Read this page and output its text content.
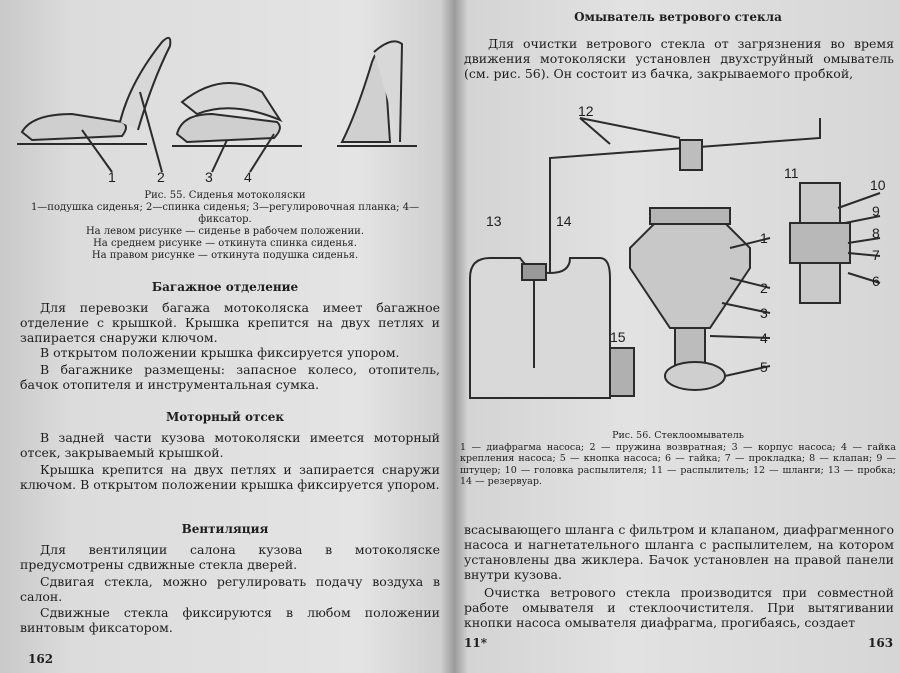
1	2	3 4
Рис. 55. Сиденья мотоколяски
1—подушка сиденья; 2—спинка сиденья; 3—регулировочная планка; 4—фиксатор.
На левом рисунке — сиденье в рабочем положении.
На среднем рисунке — откинута спинка сиденья.
На правом рисунке — откинута подушка сиденья.
Багажное отделение
Для перевозки багажа мотоколяска имеет багажное отделение с крышкой. Крышка крепится на двух петлях и запирается снаружи ключом.
В открытом положении крышка фиксируется упором.
В багажнике размещены: запасное колесо, отопитель, бачок отопителя и инструментальная сумка.
Моторный отсек
В задней части кузова мотоколяски имеется моторный отсек, закрываемый крышкой.
Крышка крепится на двух петлях и запирается снаружи ключом. В открытом положении крышка фиксируется упором.
Вентиляция
Для вентиляции салона кузова в мотоколяске предусмотрены сдвижные стекла дверей.
Сдвигая стекла, можно регулировать подачу воздуха в салон.
Сдвижные стекла фиксируются в любом положении винтовым фиксатором.
162
Омыватель ветрового стекла
Для очистки ветрового стекла от загрязнения во время движения мотоколяски установлен двухструйный омыватель (см. рис. 56). Он состоит из бачка, закрываемого пробкой,
12
11
10
9
8
7
6
13	14
1
2
3
4
5
15
Рис. 56. Стеклоомыватель
1 — диафрагма насоса; 2 — пружина возвратная; 3 — корпус насоса; 4 — гайка крепления насоса; 5 — кнопка насоса; 6 — гайка; 7 — прокладка; 8 — клапан; 9 — штуцер; 10 — головка распылителя; 11 — распылитель; 12 — шланги; 13 — пробка; 14 — резервуар.
всасывающего шланга с фильтром и клапаном, диафрагменного насоса и нагнетательного шланга с распылителем, на котором установлены два жиклера. Бачок установлен на правой панели внутри кузова.
Очистка ветрового стекла производится при совместной работе омывателя и стеклоочистителя. При вытягивании кнопки насоса омывателя диафрагма, прогибаясь, создает
11*	163
